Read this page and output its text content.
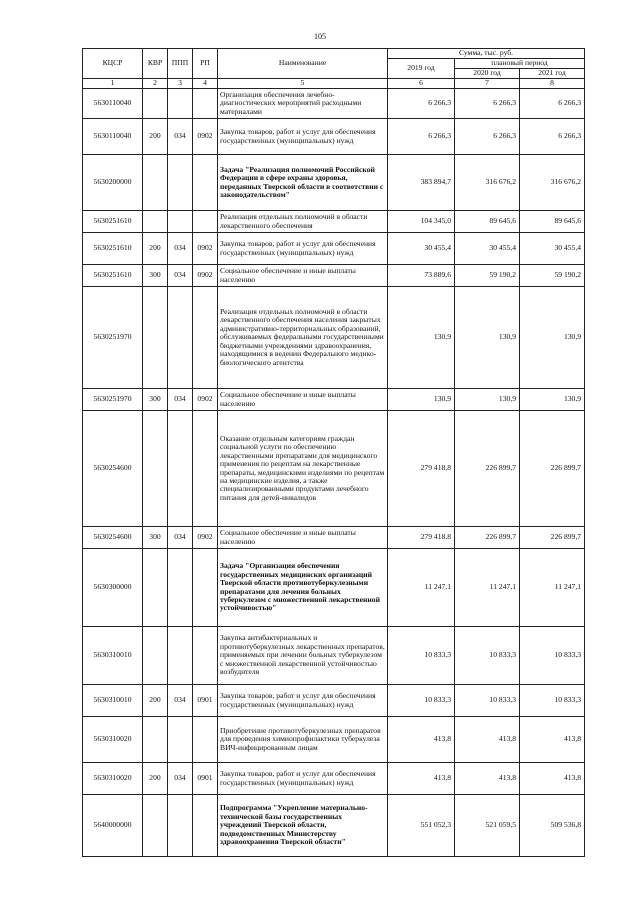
105
КЦСР	КВР	ППП	РП	Наименование	Сумма, тыс. руб.		
					2019 год	плановый период	
						2020 год	2021 год
1	2	3	4	5	6	7	8
5630110040				Организация обеспечения лечебно-диагностических мероприятий расходными материалами	6 266,3	6 266,3	6 266,3
5630110040	200	034	0902	Закупка товаров, работ и услуг для обеспечения государственных (муниципальных) нужд	6 266,3	6 266,3	6 266,3
5630200000				Задача "Реализация полномочий Российской Федерации в сфере охраны здоровья, переданных Тверской области в соответствии с законодательством"	383 894,7	316 676,2	316 676,2
5630251610				Реализация отдельных полномочий в области лекарственного обеспечения	104 345,0	89 645,6	89 645,6
5630251610	200	034	0902	Закупка товаров, работ и услуг для обеспечения государственных (муниципальных) нужд	30 455,4	30 455,4	30 455,4
5630251610	300	034	0902	Социальное обеспечение и иные выплаты населению	73 889,6	59 190,2	59 190,2
5630251970				Реализация отдельных полномочий в области лекарственного обеспечения населения закрытых административно-территориальных образований, обслуживаемых федеральными государственными бюджетными учреждениями здравоохранения, находящимися в ведении Федерального медико-биологического агентства	130,9	130,9	130,9
5630251970	300	034	0902	Социальное обеспечение и иные выплаты населению	130,9	130,9	130,9
5630254600				Оказание отдельным категориям граждан социальной услуги по обеспечению лекарственными препаратами для медицинского применения по рецептам на лекарственные препараты, медицинскими изделиями по рецептам на медицинские изделия, а также специализированными продуктами лечебного питания для детей-инвалидов	279 418,8	226 899,7	226 899,7
5630254600	300	034	0902	Социальное обеспечение и иные выплаты населению	279 418,8	226 899,7	226 899,7
5630300000				Задача "Организация обеспечения государственных медицинских организаций Тверской области противотуберкулезными препаратами для лечения больных туберкулезом с множественной лекарственной устойчивостью"	11 247,1	11 247,1	11 247,1
5630310010				Закупка антибактериальных и противотуберкулезных лекарственных препаратов, применяемых при лечении больных туберкулезом с множественной лекарственной устойчивостью возбудителя	10 833,3	10 833,3	10 833,3
5630310010	200	034	0901	Закупка товаров, работ и услуг для обеспечения государственных (муниципальных) нужд	10 833,3	10 833,3	10 833,3
5630310020				Приобретение противотуберкулезных препаратов для проведения химиопрофилактики туберкулеза ВИЧ-инфицированным лицам	413,8	413,8	413,8
5630310020	200	034	0901	Закупка товаров, работ и услуг для обеспечения государственных (муниципальных) нужд	413,8	413,8	413,8
5640000000				Подпрограмма "Укрепление материально-технической базы государственных учреждений Тверской области, подведомственных Министерству здравоохранения Тверской области"	551 052,3	521 059,5	509 536,8
